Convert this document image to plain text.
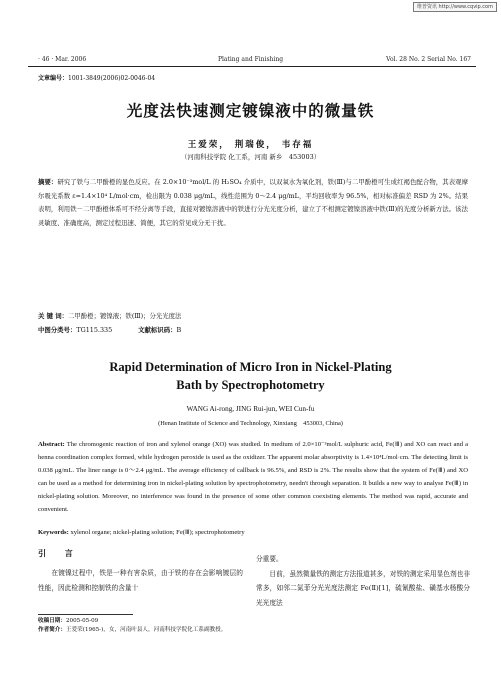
维普资讯 http://www.cqvip.com
· 46 · Mar. 2006	Plating and Finishing	Vol. 28 No. 2 Serial No. 167
文章编号：1001-3849(2006)02-0046-04
光度法快速测定镀镍液中的微量铁
王爱荣， 荆瑞俊， 韦存福
（河南科技学院 化工系，河南 新乡　453003）
摘要：研究了铁与二甲酚橙的显色反应。在 2.0×10⁻³mol/L 的 H₂SO₄ 介质中，以双氧水为氧化剂，铁(Ⅲ)与二甲酚橙可生成红褐色配合物，其表观摩尔吸光系数 ε=1.4×10⁴ L/mol·cm，检出限为 0.038 μg/mL，线性范围为 0～2.4 μg/mL，平均回收率为 96.5%，相对标准偏差 RSD 为 2%。结果表明，利用铁－二甲酚橙体系可不经分离等手段，直接对镀镍溶液中的铁进行分光光度分析，建立了不相测定镀镍溶液中铁(Ⅲ)的光度分析新方法。该法灵敏度、准确度高，测定过程迅速、简便，其它的常见成分无干扰。
关 键 词：二甲酚橙；镀镍液；铁(Ⅲ)；分光光度法
中图分类号：TG115.335	文献标识码：B
Rapid Determination of Micro Iron in Nickel-Plating
Bath by Spectrophotometry
WANG Ai-rong, JING Rui-jun, WEI Cun-fu
(Henan Institute of Science and Technology, Xinxiang　453003, China)
Abstract: The chromogenic reaction of iron and xylenol orange (XO) was studied. In medium of 2.0×10⁻³mol/L sulphuric acid, Fe(Ⅲ) and XO can react and a henna coordination complex formed, while hydrogen peroxide is used as the oxidizer. The apparent molar absorptivity is 1.4×10⁴L/mol·cm. The detecting limit is 0.038 μg/mL. The liner range is 0～2.4 μg/mL. The average efficiency of callback is 96.5%, and RSD is 2%. The results show that the system of Fe(Ⅲ) and XO can be used as a method for determining iron in nickel-plating solution by spectrophotometry, needn't through separation. It builds a new way to analyse Fe(Ⅲ) in nickel-plating solution. Moreover, no interference was found in the presence of some other common coexisting elements. The method was rapid, accurate and convenient.
Keywords: xylenol organe; nickel-plating solution; Fe(Ⅲ); spectrophotometry
引 言
在镀镍过程中，铁是一种有害杂质，由于铁的存在会影响镀层的性能，因此检测和控制铁的含量十
分重要。
目前，虽然微量铁的测定方法报道甚多，对铁的测定采用显色剂也非常多，如邻二氮菲分光光度法测定 Fe(Ⅱ)[1]，硫氰酸盐、磺基水杨酸分光光度法
收稿日期：2005-05-09
作者简介：王爱荣(1965-)，女，河南叶县人，河南科技学院化工系副教授。
